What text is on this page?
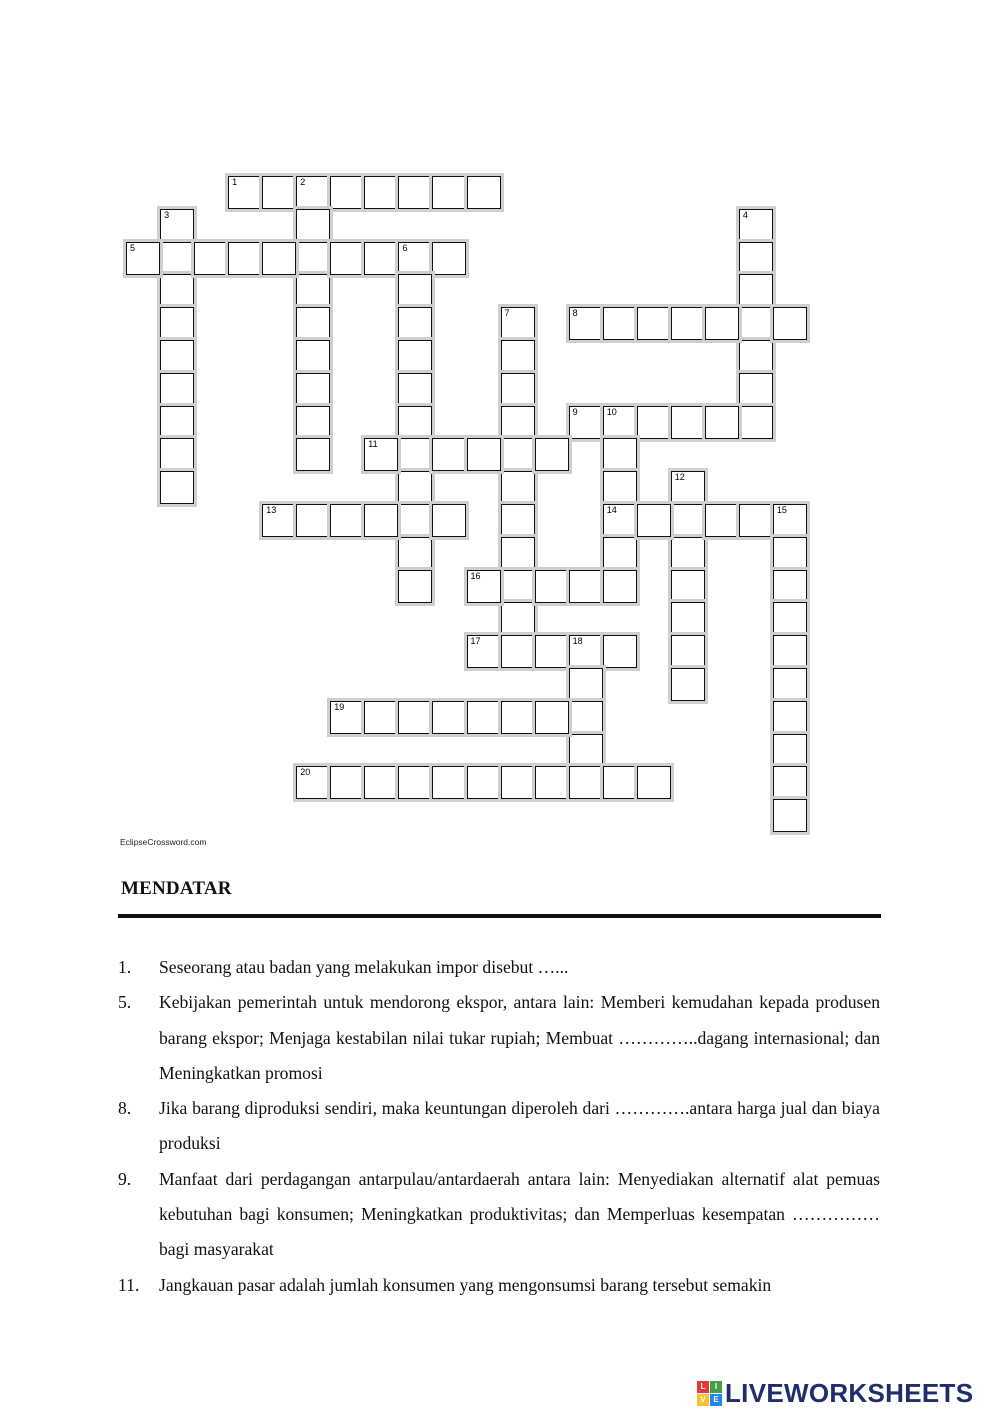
1	2
3	4
5	6
7	8
9	10
14
11
12
13	15
16
17	18
19
20
EclipseCrossword.com
MENDATAR
1.	Seseorang atau badan yang melakukan impor disebut …...
5.	Kebijakan pemerintah untuk mendorong ekspor, antara lain: Memberi kemudahan kepada produsen barang ekspor; Menjaga kestabilan nilai tukar rupiah; Membuat …………..dagang internasional; dan Meningkatkan promosi
8.	Jika barang diproduksi sendiri, maka keuntungan diperoleh dari ………….antara harga jual dan biaya produksi
9.	Manfaat dari perdagangan antarpulau/antardaerah antara lain: Menyediakan alternatif alat pemuas kebutuhan bagi konsumen; Meningkatkan produktivitas; dan Memperluas kesempatan …………… bagi masyarakat
11.	Jangkauan pasar adalah jumlah konsumen yang mengonsumsi barang tersebut semakin
L	I
V E LIVEWORKSHEETS
